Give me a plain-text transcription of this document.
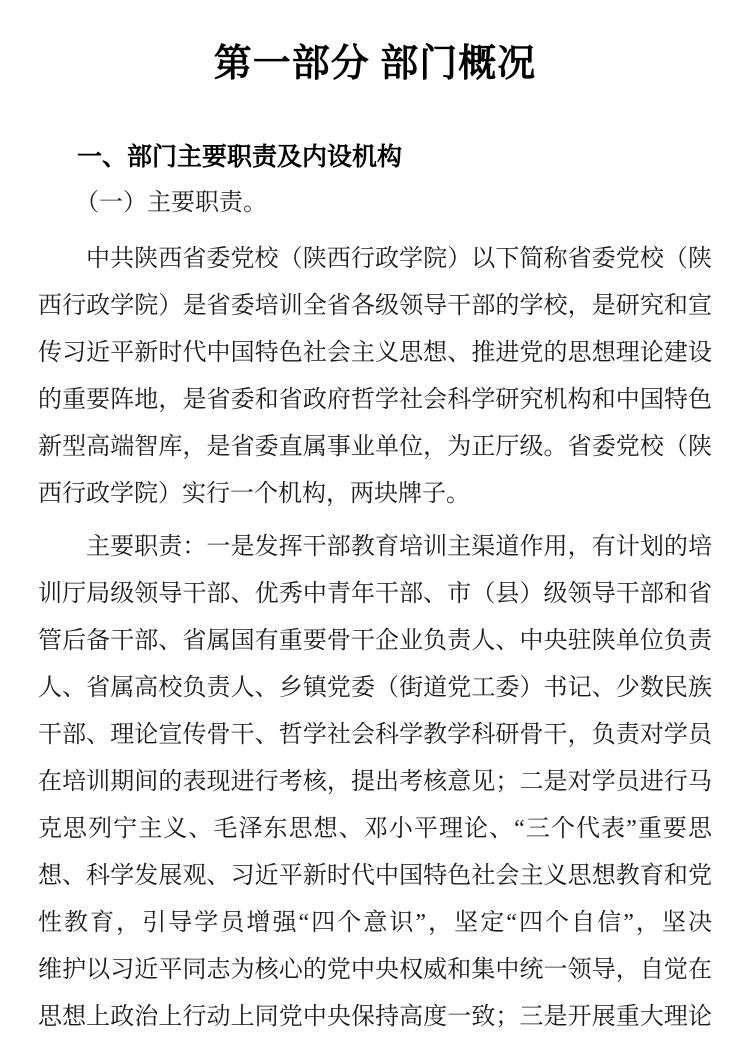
第一部分 部门概况
一、部门主要职责及内设机构
（一）主要职责。
中共陕西省委党校（陕西行政学院）以下简称省委党校（陕
西行政学院）是省委培训全省各级领导干部的学校，是研究和宣
传习近平新时代中国特色社会主义思想、推进党的思想理论建设
的重要阵地，是省委和省政府哲学社会科学研究机构和中国特色
新型高端智库，是省委直属事业单位，为正厅级。省委党校（陕
西行政学院）实行一个机构，两块牌子。
主要职责：一是发挥干部教育培训主渠道作用，有计划的培
训厅局级领导干部、优秀中青年干部、市（县）级领导干部和省
管后备干部、省属国有重要骨干企业负责人、中央驻陕单位负责
人、省属高校负责人、乡镇党委（街道党工委）书记、少数民族
干部、理论宣传骨干、哲学社会科学教学科研骨干，负责对学员
在培训期间的表现进行考核，提出考核意见；二是对学员进行马
克思列宁主义、毛泽东思想、邓小平理论、“三个代表”重要思
想、科学发展观、习近平新时代中国特色社会主义思想教育和党
性教育，引导学员增强“四个意识”，坚定“四个自信”，坚决
维护以习近平同志为核心的党中央权威和集中统一领导，自觉在
思想上政治上行动上同党中央保持高度一致；三是开展重大理论
